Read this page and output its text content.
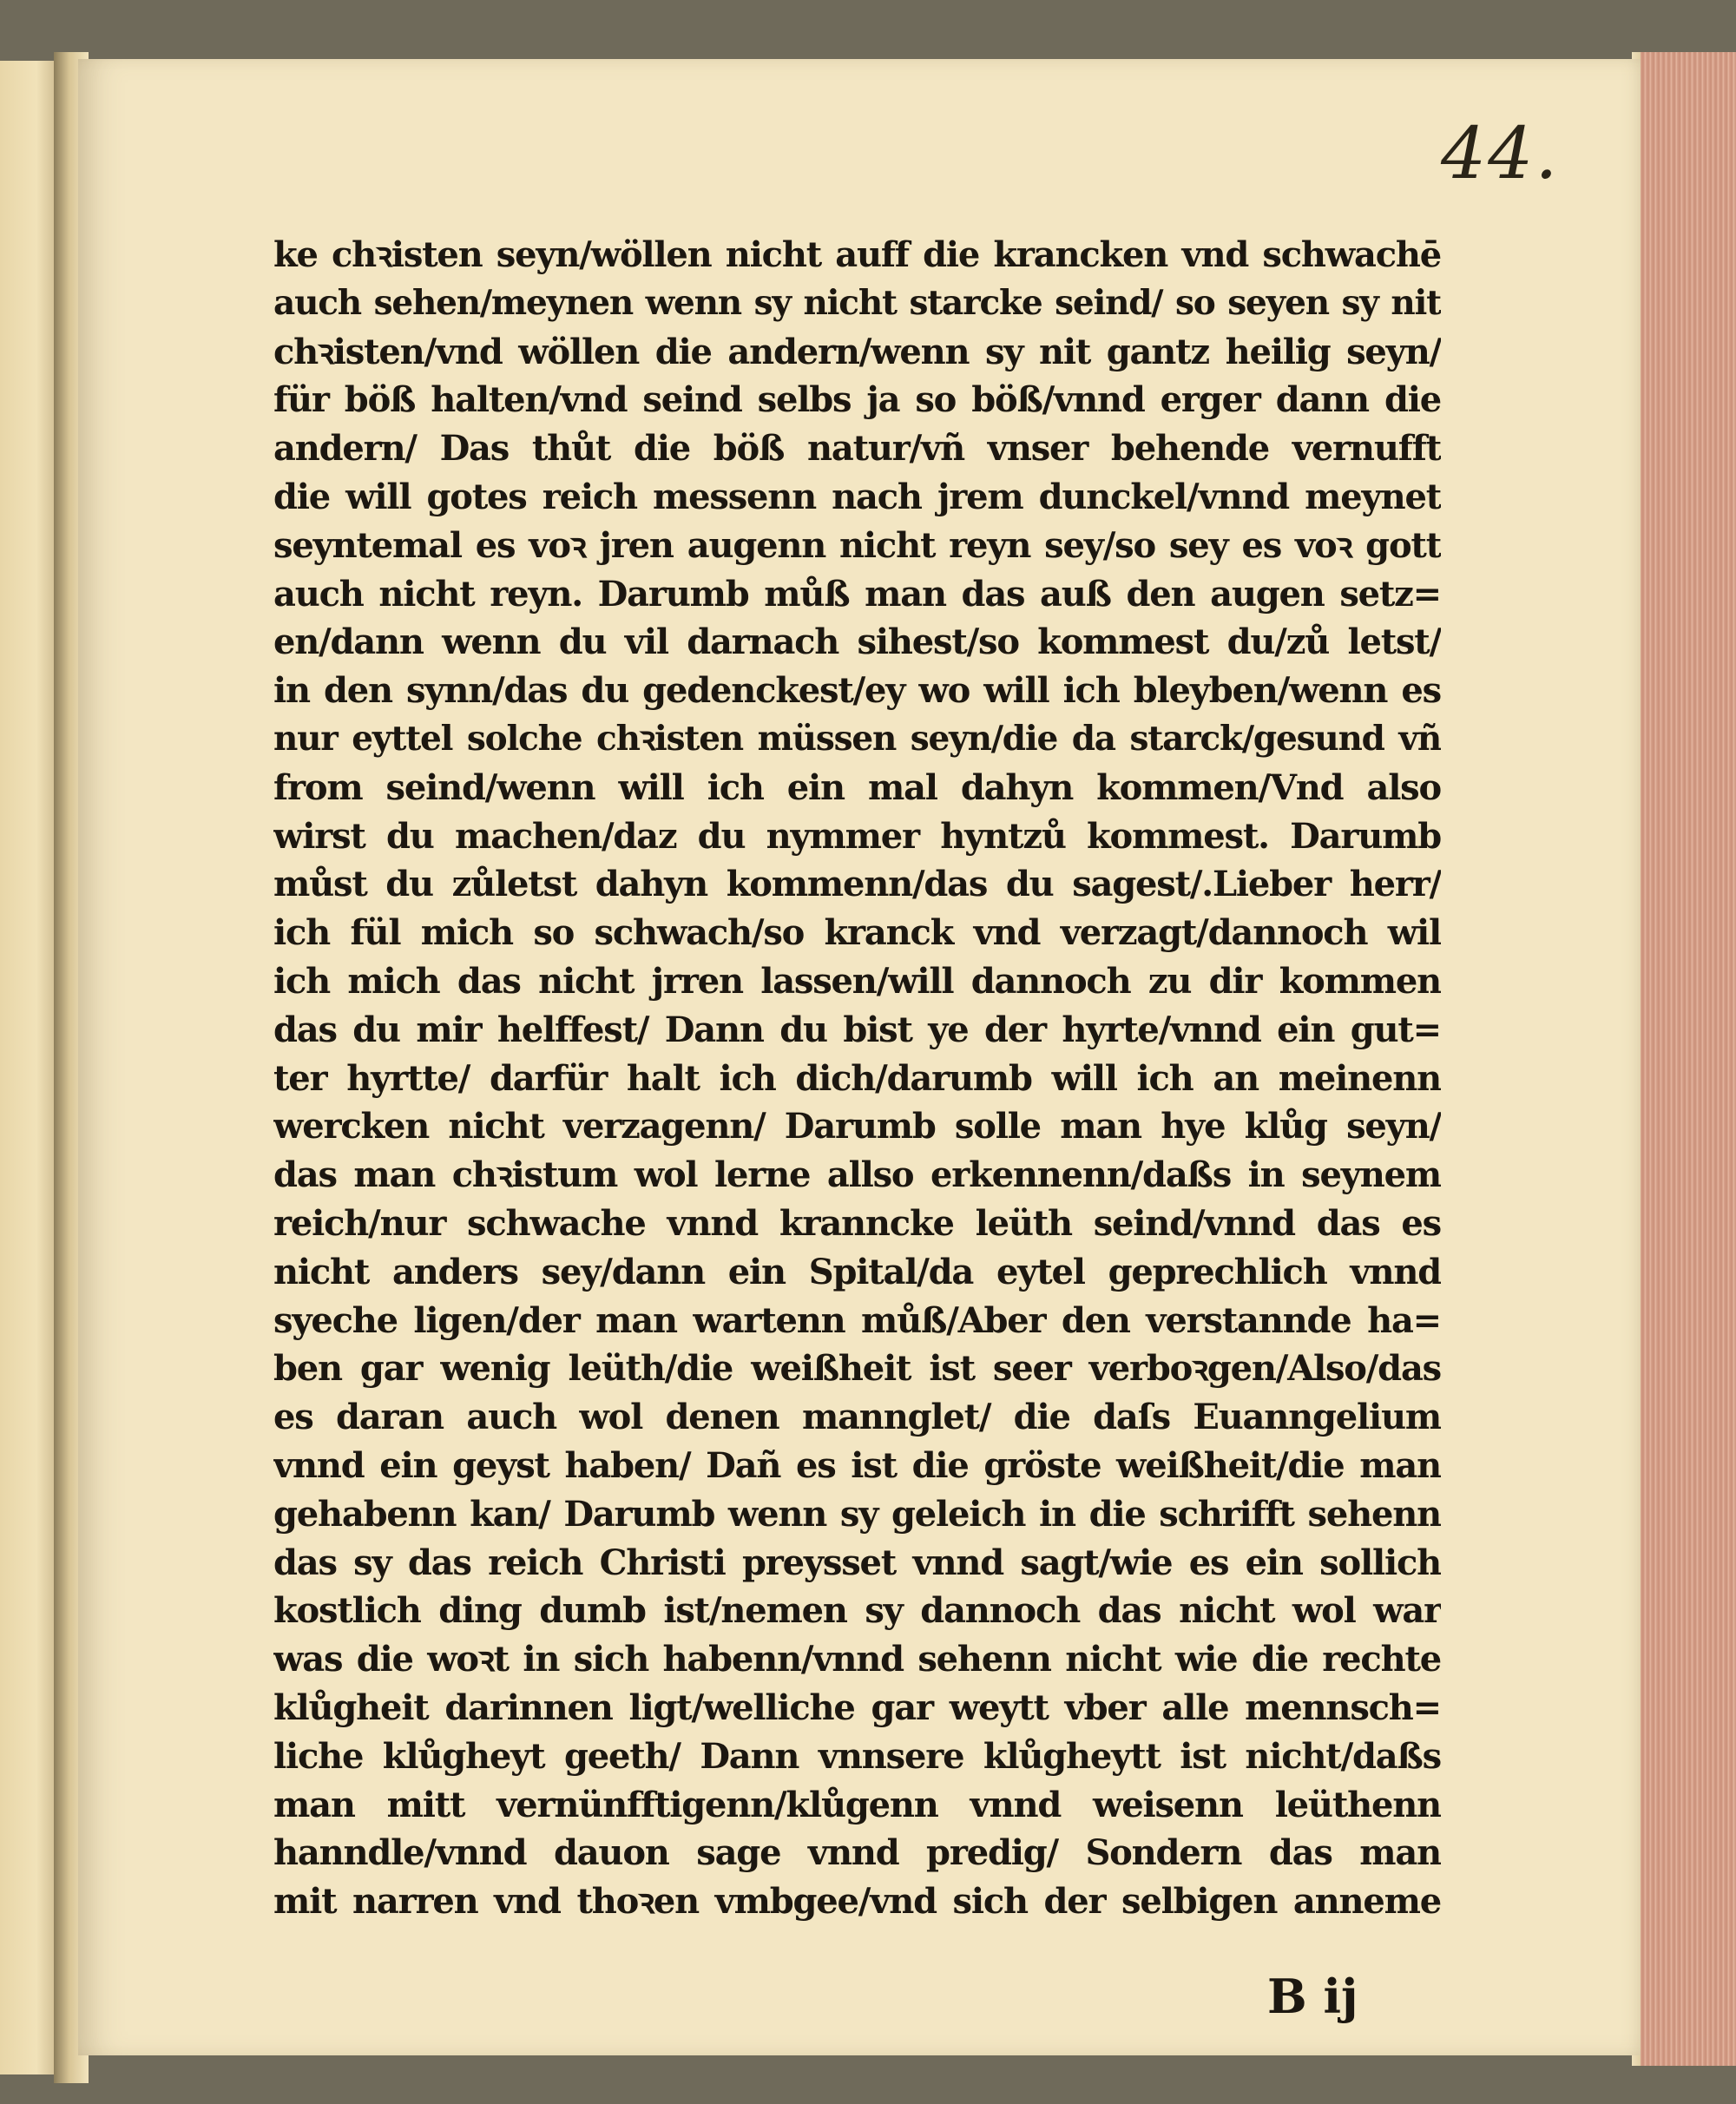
44.
ke chꝛisten seyn/wöllen nicht auff die krancken vnd schwachē
auch sehen/meynen wenn sy nicht starcke seind/ so seyen sy nit
chꝛisten/vnd wöllen die andern/wenn sy nit gantz heilig seyn/
für böß halten/vnd seind selbs ja so böß/vnnd erger dann die
andern/ Das thůt die böß natur/vñ vnser behende vernufft
die will gotes reich messenn nach jrem dunckel/vnnd meynet
seyntemal es voꝛ jren augenn nicht reyn sey/so sey es voꝛ gott
auch nicht reyn. Darumb můß man das auß den augen setz=
en/dann wenn du vil darnach sihest/so kommest du/zů letst/
in den synn/das du gedenckest/ey wo will ich bleyben/wenn es
nur eyttel solche chꝛisten müssen seyn/die da starck/gesund vñ
from seind/wenn will ich ein mal dahyn kommen/Vnd also
wirst du machen/daz du nymmer hyntzů kommest. Darumb
můst du zůletst dahyn kommenn/das du sagest/.Lieber herr/
ich fül mich so schwach/so kranck vnd verzagt/dannoch wil
ich mich das nicht jrren lassen/will dannoch zu dir kommen
das du mir helffest/ Dann du bist ye der hyrte/vnnd ein gut=
ter hyrtte/ darfür halt ich dich/darumb will ich an meinenn
wercken nicht verzagenn/ Darumb solle man hye klůg seyn/
das man chꝛistum wol lerne allso erkennenn/daßs in seynem
reich/nur schwache vnnd kranncke leüth seind/vnnd das es
nicht anders sey/dann ein Spital/da eytel geprechlich vnnd
syeche ligen/der man wartenn můß/Aber den verstannde ha=
ben gar wenig leüth/die weißheit ist seer verboꝛgen/Also/das
es daran auch wol denen mannglet/ die daſs Euanngelium
vnnd ein geyst haben/ Dañ es ist die gröste weißheit/die man
gehabenn kan/ Darumb wenn sy geleich in die schrifft sehenn
das sy das reich Christi preysset vnnd sagt/wie es ein sollich
kostlich ding dumb ist/nemen sy dannoch das nicht wol war
was die woꝛt in sich habenn/vnnd sehenn nicht wie die rechte
klůgheit darinnen ligt/welliche gar weytt vber alle mennsch=
liche klůgheyt geeth/ Dann vnnsere klůgheytt ist nicht/daßs
man mitt vernünfftigenn/klůgenn vnnd weisenn leüthenn
hanndle/vnnd dauon sage vnnd predig/ Sondern das man
mit narren vnd thoꝛen vmbgee/vnd sich der selbigen anneme
B ij
